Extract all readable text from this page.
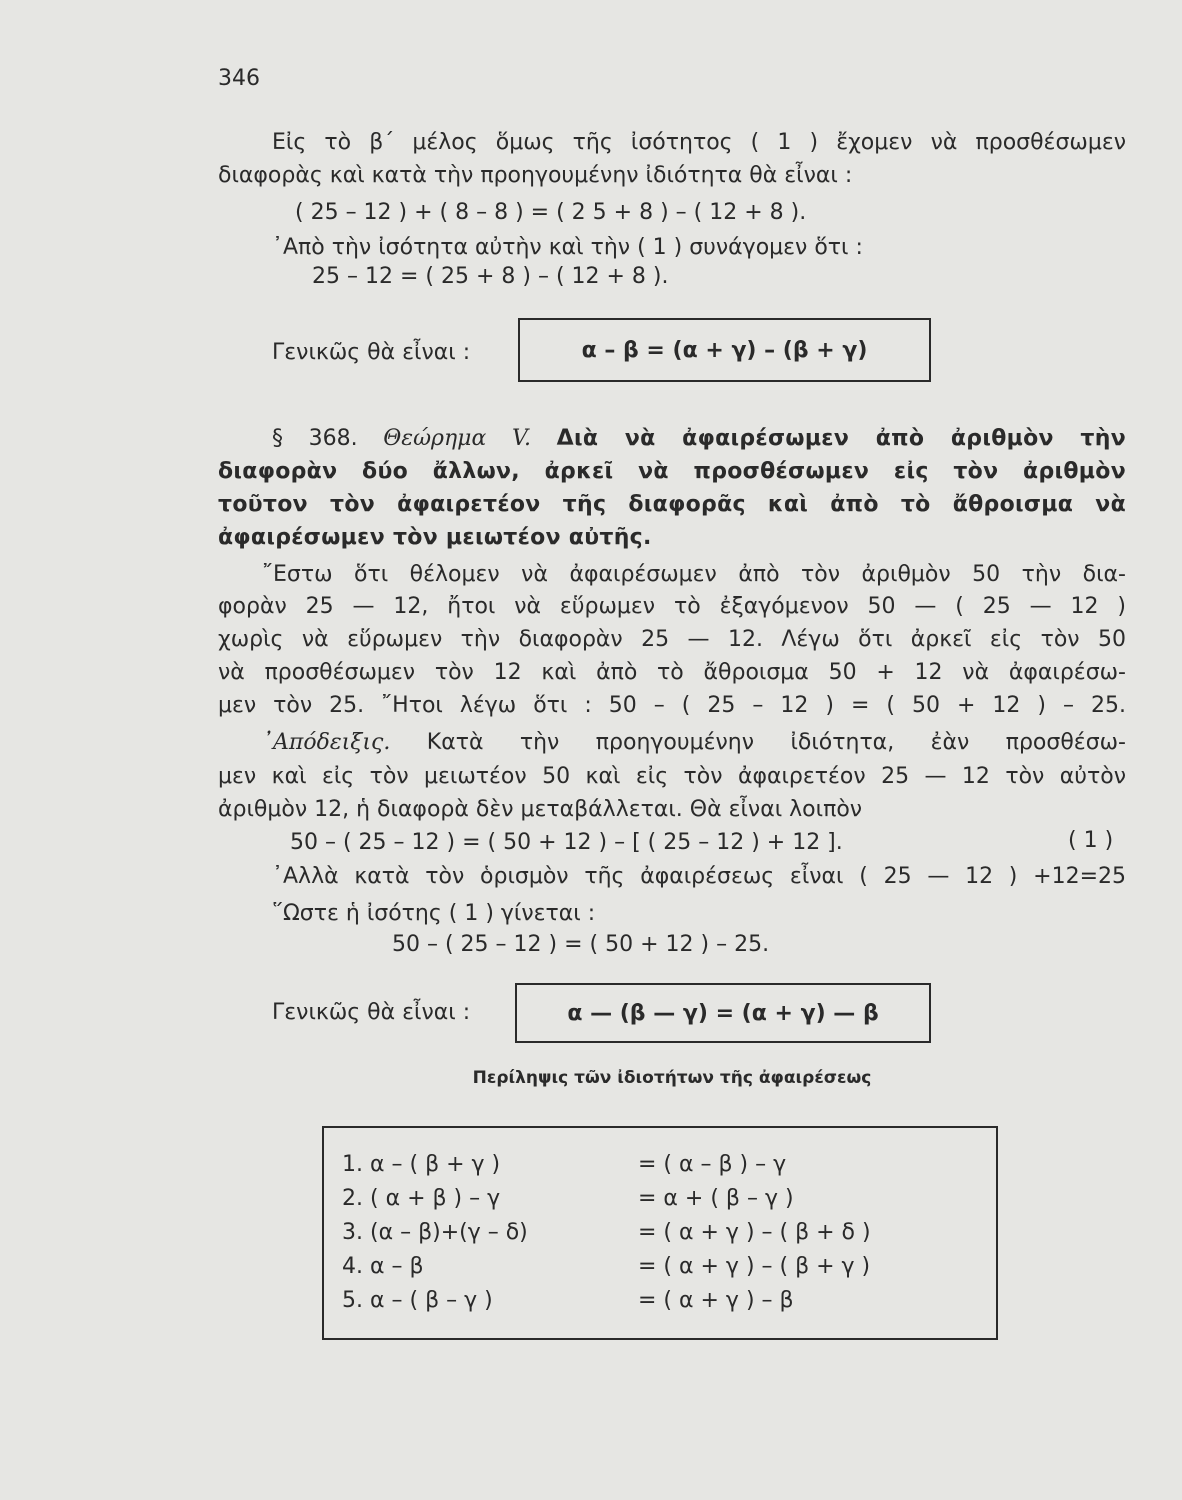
346
Εἰς τὸ β΄ μέλος ὅμως τῆς ἰσότητος ( 1 ) ἔχομεν νὰ προσθέσωμεν
διαφορὰς καὶ κατὰ τὴν προηγουμένην ἰδιότητα θὰ εἶναι :
( 25 – 12 ) + ( 8 – 8 ) = ( 2 5 + 8 ) – ( 12 + 8 ).
᾿Απὸ τὴν ἰσότητα αὐτὴν καὶ τὴν ( 1 ) συνάγομεν ὅτι :
25 – 12 = ( 25 + 8 ) – ( 12 + 8 ).
Γενικῶς θὰ εἶναι :	α – β = (α + γ) – (β + γ)
§ 368. Θεώρημα V. Διὰ νὰ ἀφαιρέσωμεν ἀπὸ ἀριθμὸν τὴν
διαφορὰν δύο ἄλλων, ἀρκεῖ νὰ προσθέσωμεν εἰς τὸν ἀριθμὸν
τοῦτον τὸν ἀφαιρετέον τῆς διαφορᾶς καὶ ἀπὸ τὸ ἄθροισμα νὰ
ἀφαιρέσωμεν τὸν μειωτέον αὐτῆς.
῎Εστω ὅτι θέλομεν νὰ ἀφαιρέσωμεν ἀπὸ τὸν ἀριθμὸν 50 τὴν δια-
φορὰν 25 — 12, ἤτοι νὰ εὕρωμεν τὸ ἐξαγόμενον 50 — ( 25 — 12 )
χωρὶς νὰ εὕρωμεν τὴν διαφορὰν 25 — 12. Λέγω ὅτι ἀρκεῖ εἰς τὸν 50
νὰ προσθέσωμεν τὸν 12 καὶ ἀπὸ τὸ ἄθροισμα 50 + 12 νὰ ἀφαιρέσω-
μεν τὸν 25. ῎Ητοι λέγω ὅτι : 50 – ( 25 – 12 ) = ( 50 + 12 ) – 25.
᾿Απόδειξις. Κατὰ τὴν προηγουμένην ἰδιότητα, ἐὰν προσθέσω-
μεν καὶ εἰς τὸν μειωτέον 50 καὶ εἰς τὸν ἀφαιρετέον 25 — 12 τὸν αὐτὸν
ἀριθμὸν 12, ἡ διαφορὰ δὲν μεταβάλλεται. Θὰ εἶναι λοιπὸν
50 – ( 25 – 12 ) = ( 50 + 12 ) – [ ( 25 – 12 ) + 12 ].	( 1 )
᾿Αλλὰ κατὰ τὸν ὁρισμὸν τῆς ἀφαιρέσεως εἶναι ( 25 — 12 ) +12=25
῞Ωστε ἡ ἰσότης ( 1 ) γίνεται :
50 – ( 25 – 12 ) = ( 50 + 12 ) – 25.
Γενικῶς θὰ εἶναι :	α — (β — γ) = (α + γ) — β
Περίληψις τῶν ἰδιοτήτων τῆς ἀφαιρέσεως
1. α – ( β + γ )	= ( α – β ) – γ
2. ( α + β ) – γ	= α + ( β – γ )
3. (α – β)+(γ – δ)	= ( α + γ ) – ( β + δ )
4. α – β	= ( α + γ ) – ( β + γ )
5. α – ( β – γ )	= ( α + γ ) – β
